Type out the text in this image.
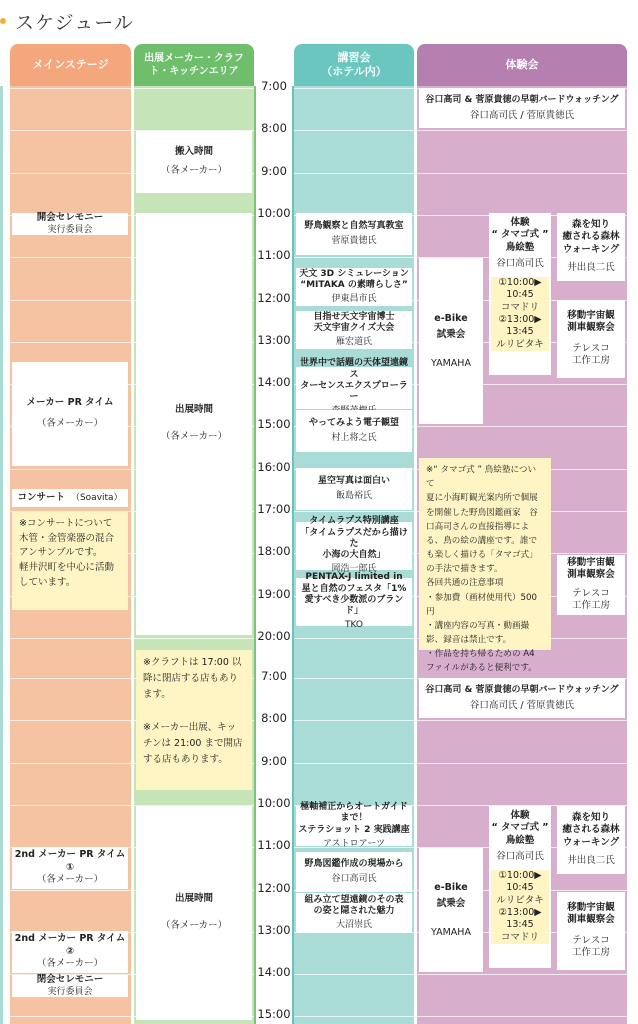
スケジュール
メインステージ	出展メーカー・クラフト・キッチンエリア
講習会
（ホテル内）
体験会
開会セレモニー
実行委員会
メーカー PR タイム
（各メーカー）
コンサート （Soavita）
※コンサートについて
木管・金管楽器の混合アンサンブルです。
軽井沢町を中心に活動しています。
2nd メーカー PR タイム
①
（各メーカー）
2nd メーカー PR タイム
②
（各メーカー）
閉会セレモニー
実行委員会
搬入時間
（各メーカー）
出展時間
（各メーカー）
※クラフトは 17:00 以降に閉店する店もあります。

※メーカー出展、キッチンは 21:00 まで開店する店もあります。
出展時間
（各メーカー）
谷口高司 & 菅原貴徳の早朝バードウォッチング
谷口高司氏 / 菅原貴徳氏
e-Bike
試乗会
YAMAHA
体験
“ タマゴ式 ”
鳥絵塾
谷口高司氏
①10:00▶
10:45
コマドリ
②13:00▶
13:45
ルリビタキ
森を知り
癒される森林
ウォーキング
井出良二氏
移動宇宙観
測車観察会
テレスコ
工作工房
※“ タマゴ式 ” 鳥絵塾について
夏に小海町観光案内所で個展を開催した野鳥図鑑画家　谷口高司さんの直接指導による、鳥の絵の講座です。誰でも楽しく描ける「タマゴ式」の手法で描きます。
各回共通の注意事項
・参加費（画材使用代）500 円
・講座内容の写真・動画撮影、録音は禁止です。
・作品を持ち帰るための A4 ファイルがあると便利です。
移動宇宙観
測車観察会
テレスコ
工作工房
谷口高司 & 菅原貴徳の早朝バードウォッチング
谷口高司氏 / 菅原貴徳氏
e-Bike
試乗会
YAMAHA
体験
“ タマゴ式 ”
鳥絵塾
谷口高司氏
①10:00▶
10:45
ルリビタキ
②13:00▶
13:45
コマドリ
森を知り
癒される森林
ウォーキング
井出良二氏
移動宇宙観
測車観察会
テレスコ
工作工房
7:00
8:00
9:00
10:00
11:00
12:00
13:00
14:00
15:00
16:00
17:00
18:00
19:00
20:00
7:00
8:00
9:00
10:00
11:00
12:00
13:00
14:00
15:00
野鳥観察と自然写真教室
菅原貴徳氏
天文 3D シミュレーション
“MITAKA の素晴らしさ”
伊東昌市氏
目指せ天文宇宙博士
天文宇宙クイズ大会
雁宏道氏
世界中で話題の天体望遠鏡ス
ターセンスエクスプローラー
やってみよう電子観望
村上将之氏
星空写真は面白い
飯島裕氏
タイムラプス特別講座
「タイムラプスだから描けた
小海の大自然」
岡浩一郎氏
PENTAX-J limited in
星と自然のフェスタ「1%
愛すべき少数派のブランド」
TKO
極軸補正からオートガイドまで！
ステラショット 2 実践講座
アストロアーツ
野鳥図鑑作成の現場から
谷口高司氏
組み立て望遠鏡のその表
の姿と隠された魅力
大沼崇氏
